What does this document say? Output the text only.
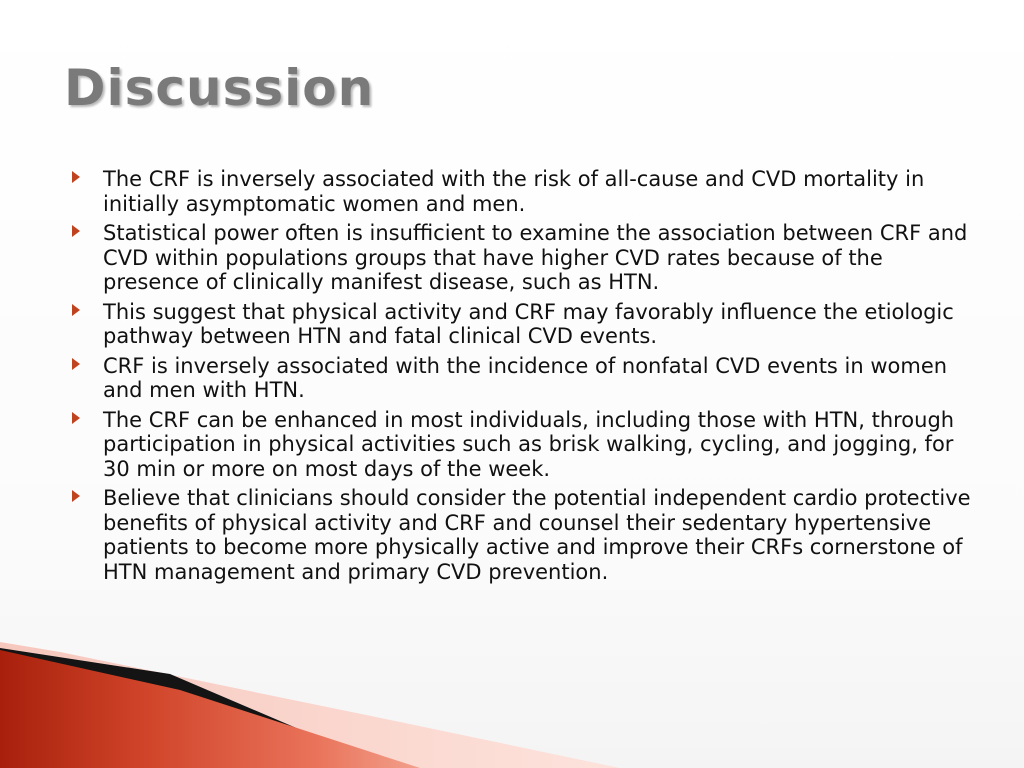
Discussion
The CRF is inversely associated with the risk of all-cause and CVD mortality in initially asymptomatic women and men.
Statistical power often is insufficient to examine the association between CRF and CVD within populations groups that have higher CVD rates because of the presence of clinically manifest disease, such as HTN.
This suggest that physical activity and CRF may favorably influence the etiologic pathway between HTN and fatal clinical CVD events.
CRF is inversely associated with the incidence of nonfatal CVD events in women and men with HTN.
The CRF can be enhanced in most individuals, including those with HTN, through participation in physical activities such as brisk walking, cycling, and jogging, for 30 min or more on most days of the week.
Believe that clinicians should consider the potential independent cardio protective benefits of physical activity and CRF and counsel their sedentary hypertensive patients to become more physically active and improve their CRFs cornerstone of HTN management and primary CVD prevention.
